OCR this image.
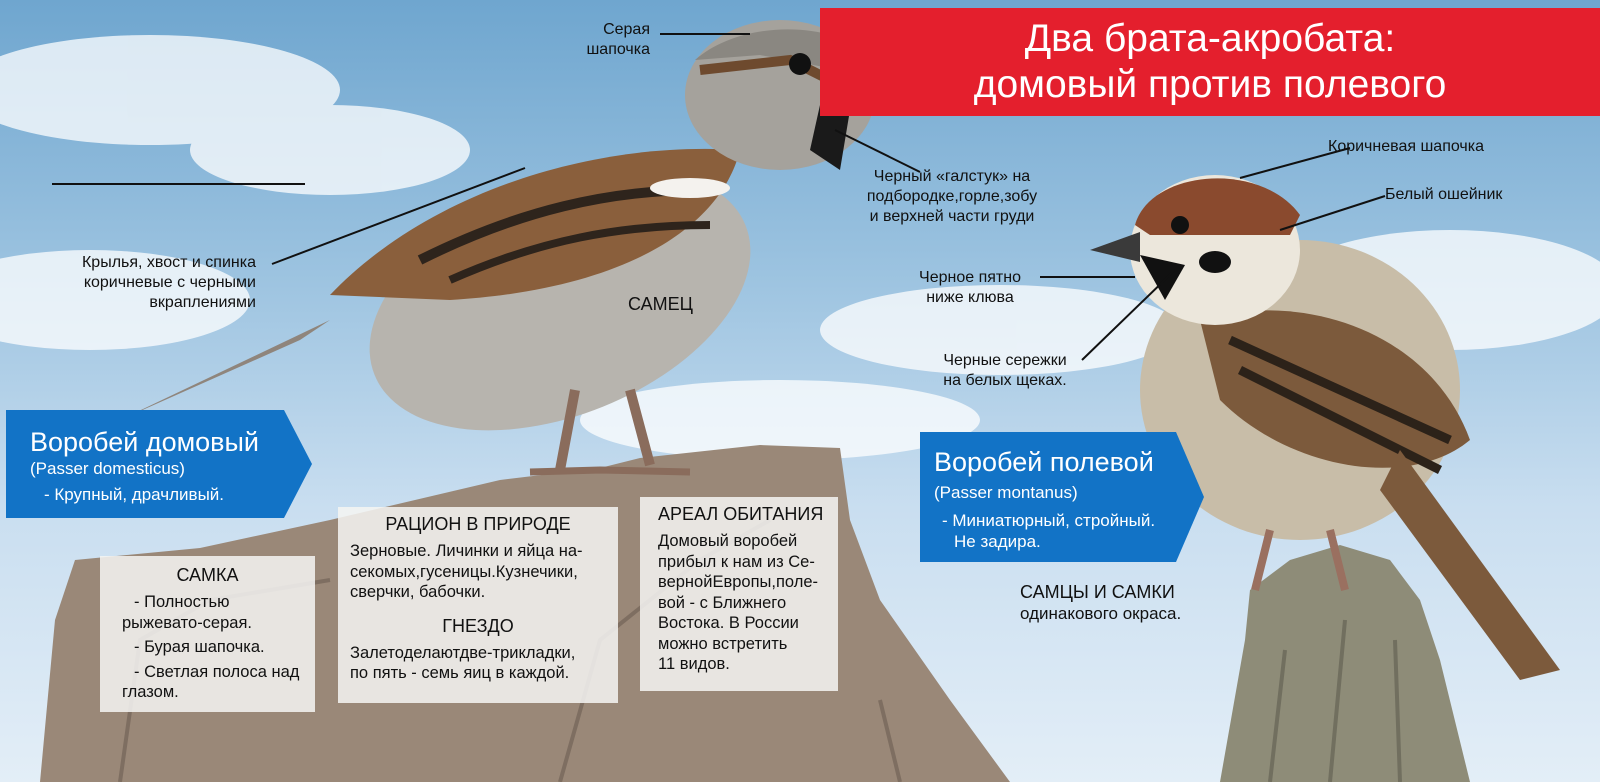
Два брата-акробата:
домовый против полевого
Серая
шапочка
Черный «галстук» на
подбородке,горле,зобу
и верхней части груди
Крылья, хвост и спинка
коричневые с черными
вкраплениями	САМЕЦ
Коричневая шапочка
Белый ошейник
Черное пятно
ниже клюва
Черные сережки
на белых щеках.
Воробей домовый
(Passer domesticus)
- Крупный, драчливый.
Воробей полевой
(Passer montanus)
- Миниатюрный, стройный.
Не задира.
САМКА
- Полностью
рыжевато-серая.
- Бурая шапочка.
- Светлая полоса над
глазом.
РАЦИОН В ПРИРОДЕ
Зерновые. Личинки и яйца на-
секомых,гусеницы.Кузнечики,
сверчки, бабочки.
ГНЕЗДО
Залетоделаютдве-трикладки,
по пять - семь яиц в каждой.
АРЕАЛ ОБИТАНИЯ
Домовый воробей
прибыл к нам из Се-
вернойЕвропы,поле-
вой - с Ближнего
Востока. В России
можно встретить
11 видов.
САМЦЫ И САМКИ
одинакового окраса.
